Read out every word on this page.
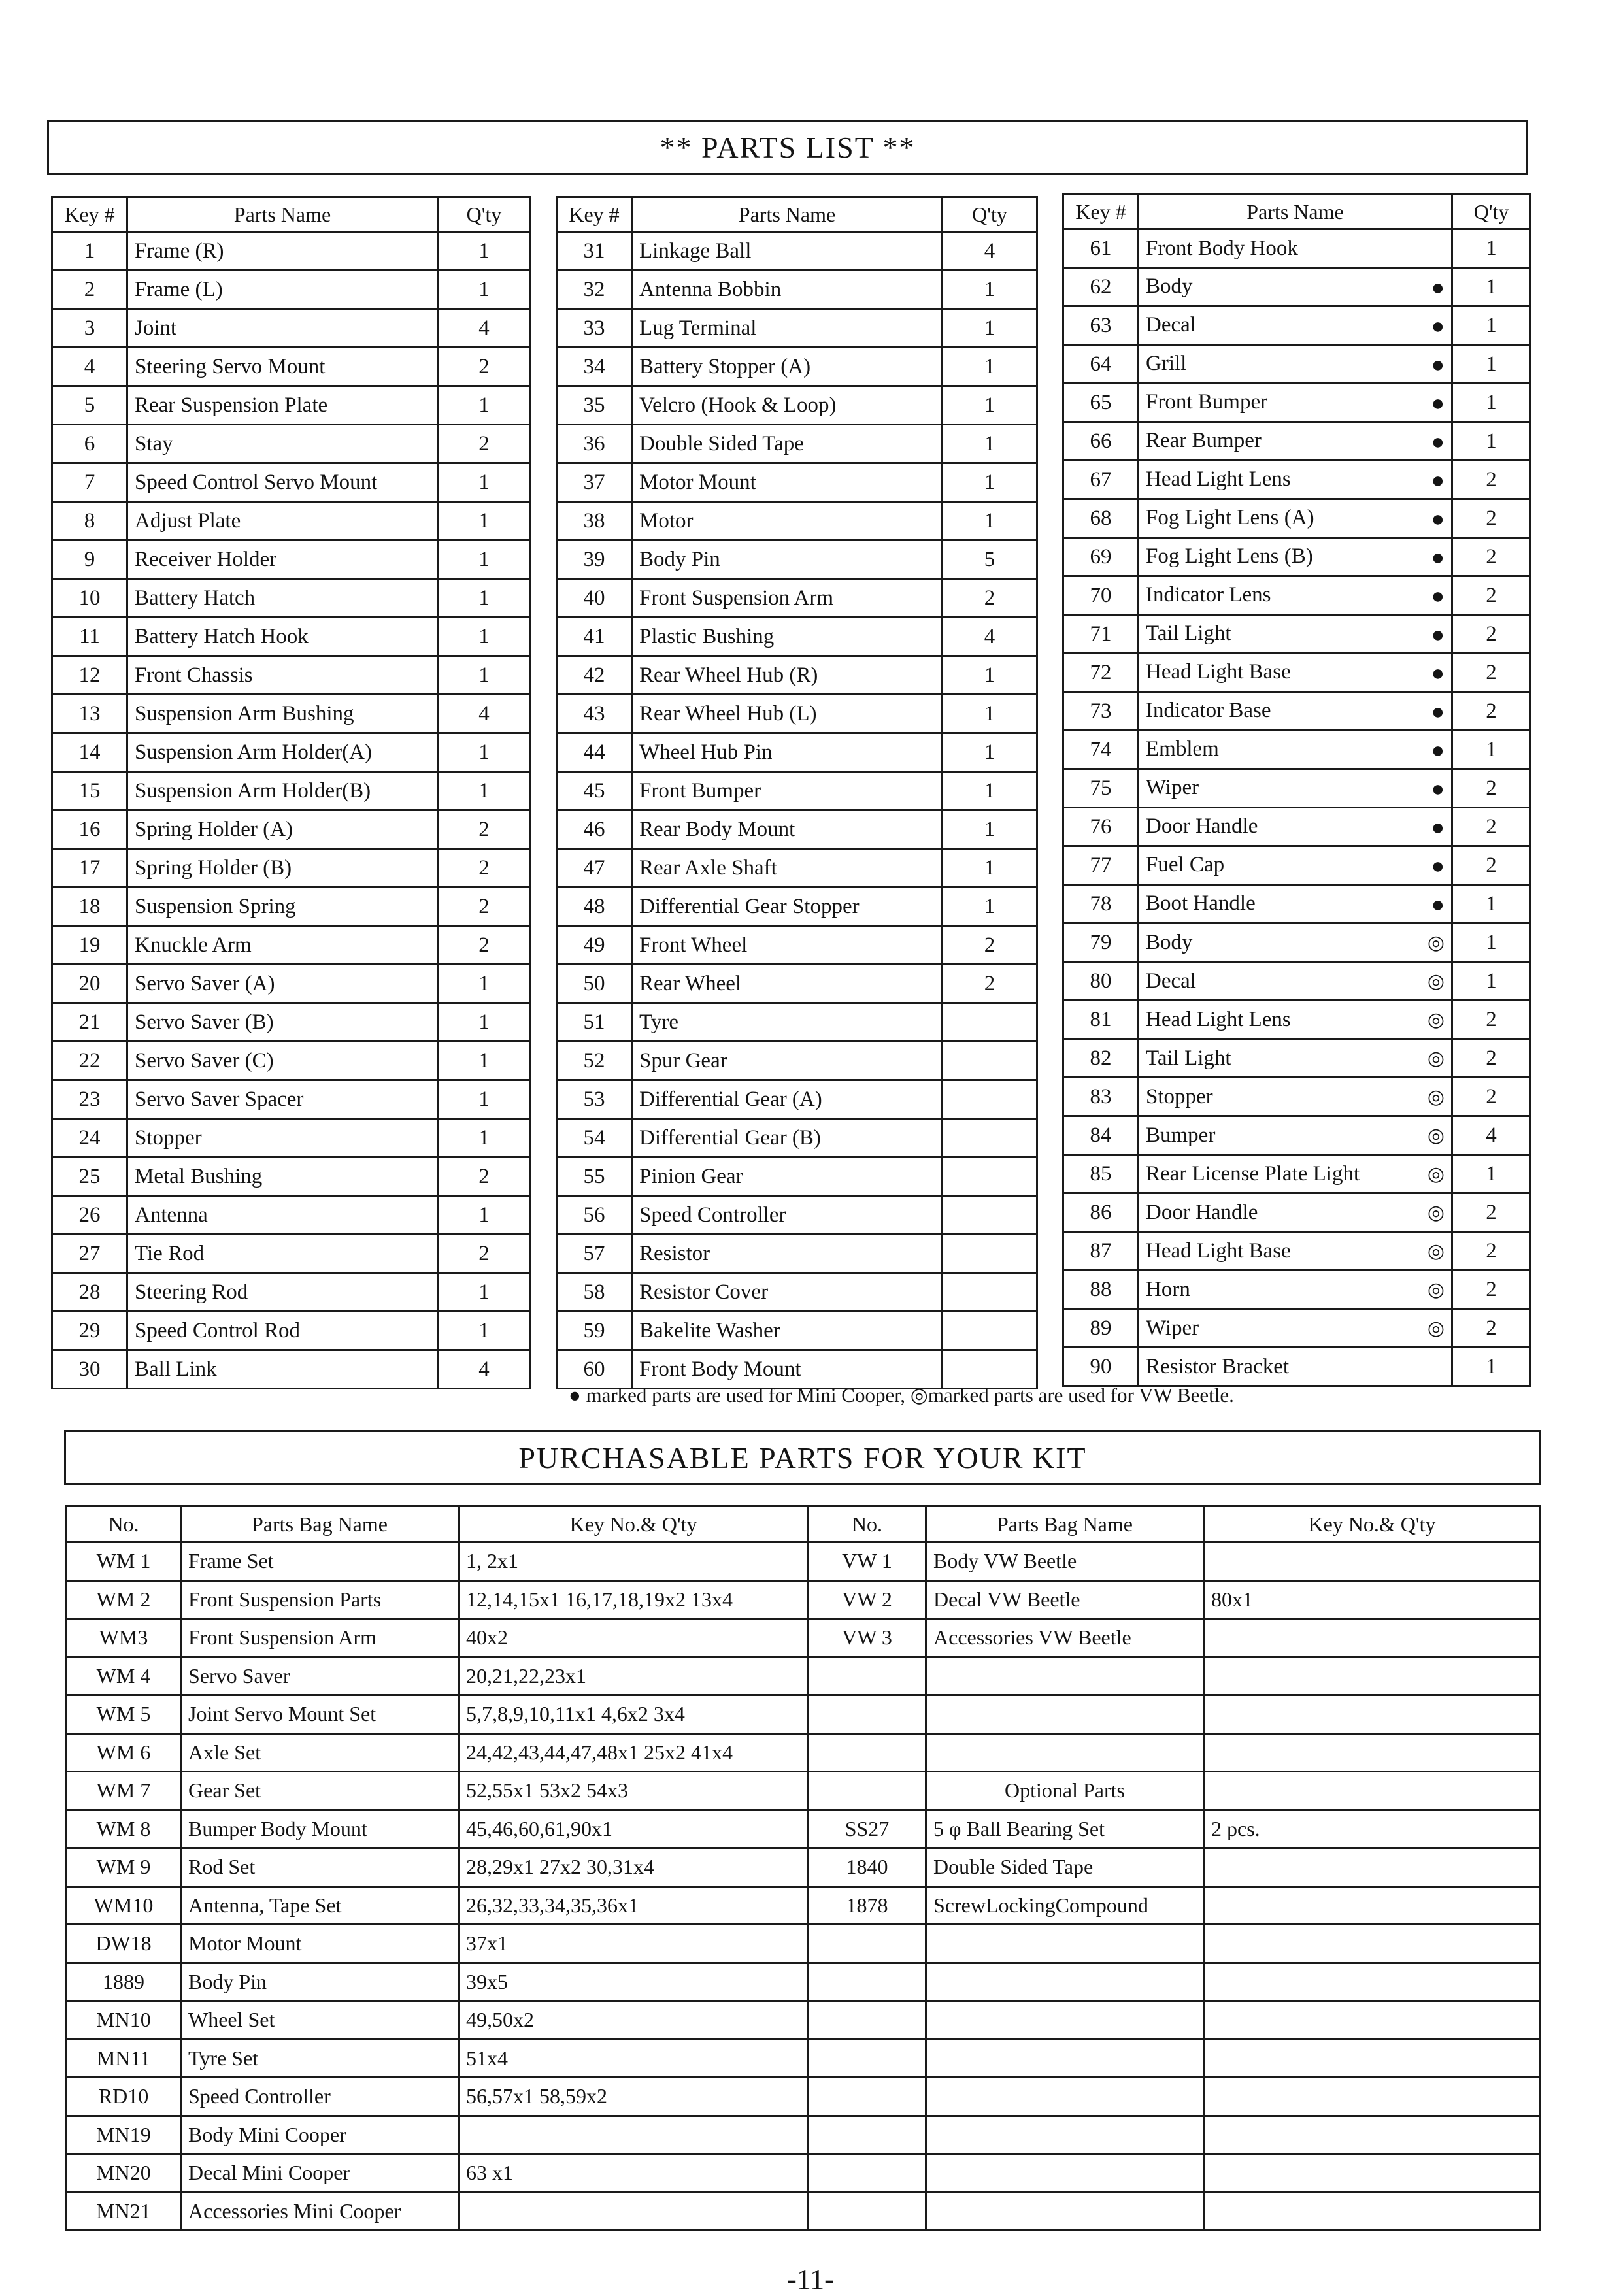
** PARTS LIST **
Key #	Parts Name	Q'ty
1	Frame (R)	1
2	Frame (L)	1
3	Joint	4
4	Steering Servo Mount	2
5	Rear Suspension Plate	1
6	Stay	2
7	Speed Control Servo Mount	1
8	Adjust Plate	1
9	Receiver Holder	1
10	Battery Hatch	1
11	Battery Hatch Hook	1
12	Front Chassis	1
13	Suspension Arm Bushing	4
14	Suspension Arm Holder(A)	1
15	Suspension Arm Holder(B)	1
16	Spring Holder (A)	2
17	Spring Holder (B)	2
18	Suspension Spring	2
19	Knuckle Arm	2
20	Servo Saver (A)	1
21	Servo Saver (B)	1
22	Servo Saver (C)	1
23	Servo Saver Spacer	1
24	Stopper	1
25	Metal Bushing	2
26	Antenna	1
27	Tie Rod	2
28	Steering Rod	1
29	Speed Control Rod	1
30	Ball Link	4
Key #	Parts Name	Q'ty
31	Linkage Ball	4
32	Antenna Bobbin	1
33	Lug Terminal	1
34	Battery Stopper (A)	1
35	Velcro (Hook & Loop)	1
36	Double Sided Tape	1
37	Motor Mount	1
38	Motor	1
39	Body Pin	5
40	Front Suspension Arm	2
41	Plastic Bushing	4
42	Rear Wheel Hub (R)	1
43	Rear Wheel Hub (L)	1
44	Wheel Hub Pin	1
45	Front Bumper	1
46	Rear Body Mount	1
47	Rear Axle Shaft	1
48	Differential Gear Stopper	1
49	Front Wheel	2
50	Rear Wheel	2
51	Tyre	
52	Spur Gear	
53	Differential Gear (A)	
54	Differential Gear (B)	
55	Pinion Gear	
56	Speed Controller	
57	Resistor	
58	Resistor Cover	
59	Bakelite Washer	
60	Front Body Mount	
Key #	Parts Name	Q'ty
61	Front Body Hook	1
62	Body ●	1
63	Decal ●	1
64	Grill ●	1
65	Front Bumper ●	1
66	Rear Bumper ●	1
67	Head Light Lens ●	2
68	Fog Light Lens (A) ●	2
69	Fog Light Lens (B) ●	2
70	Indicator Lens ●	2
71	Tail Light ●	2
72	Head Light Base ●	2
73	Indicator Base ●	2
74	Emblem ●	1
75	Wiper ●	2
76	Door Handle ●	2
77	Fuel Cap ●	2
78	Boot Handle ●	1
79	Body ◎	1
80	Decal ◎	1
81	Head Light Lens ◎	2
82	Tail Light ◎	2
83	Stopper ◎	2
84	Bumper ◎	4
85	Rear License Plate Light ◎	1
86	Door Handle ◎	2
87	Head Light Base ◎	2
88	Horn ◎	2
89	Wiper ◎	2
90	Resistor Bracket	1
● marked parts are used for Mini Cooper, ◎marked parts are used for VW Beetle.
PURCHASABLE PARTS FOR YOUR KIT
No.	Parts Bag Name	Key No.& Q'ty	No.	Parts Bag Name	Key No.& Q'ty
WM 1	Frame Set	1, 2x1	VW 1	Body VW Beetle	
WM 2	Front Suspension Parts	12,14,15x1 16,17,18,19x2 13x4	VW 2	Decal VW Beetle	80x1
WM3	Front Suspension Arm	40x2	VW 3	Accessories VW Beetle	
WM 4	Servo Saver	20,21,22,23x1			
WM 5	Joint Servo Mount Set	5,7,8,9,10,11x1 4,6x2 3x4			
WM 6	Axle Set	24,42,43,44,47,48x1 25x2 41x4			
WM 7	Gear Set	52,55x1 53x2 54x3		Optional Parts	
WM 8	Bumper Body Mount	45,46,60,61,90x1	SS27	5 φ Ball Bearing Set	2 pcs.
WM 9	Rod Set	28,29x1 27x2 30,31x4	1840	Double Sided Tape	
WM10	Antenna, Tape Set	26,32,33,34,35,36x1	1878	ScrewLockingCompound	
DW18	Motor Mount	37x1			
1889	Body Pin	39x5			
MN10	Wheel Set	49,50x2			
MN11	Tyre Set	51x4			
RD10	Speed Controller	56,57x1 58,59x2			
MN19	Body Mini Cooper				
MN20	Decal Mini Cooper	63 x1			
MN21	Accessories Mini Cooper				
-11-
